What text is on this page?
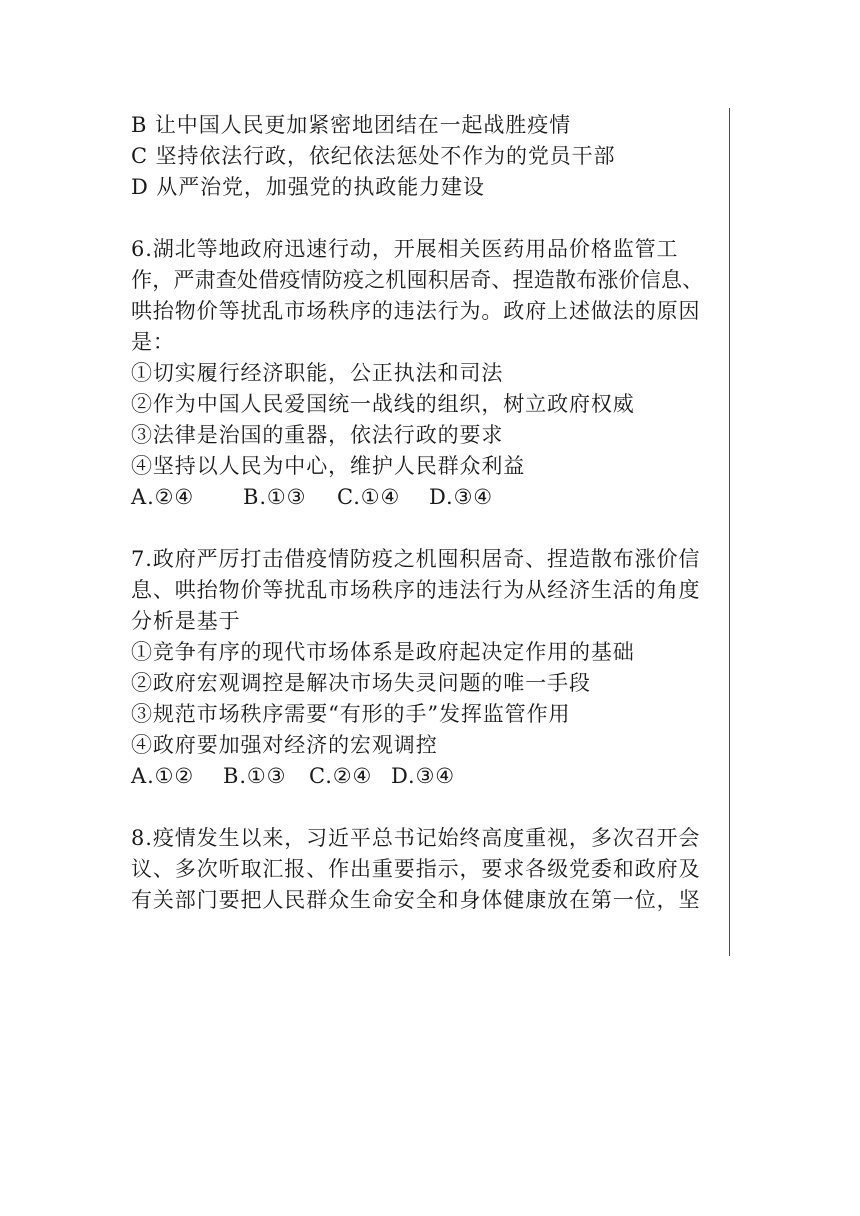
B 让中国人民更加紧密地团结在一起战胜疫情
C 坚持依法行政，依纪依法惩处不作为的党员干部
D 从严治党，加强党的执政能力建设
6.湖北等地政府迅速行动，开展相关医药用品价格监管工
作，严肃查处借疫情防疫之机囤积居奇、捏造散布涨价信息、
哄抬物价等扰乱市场秩序的违法行为。政府上述做法的原因
是：
①切实履行经济职能，公正执法和司法
②作为中国人民爱国统一战线的组织，树立政府权威
③法律是治国的重器，依法行政的要求
④坚持以人民为中心，维护人民群众利益
A.②④ B.①③ C.①④ D.③④
7.政府严厉打击借疫情防疫之机囤积居奇、捏造散布涨价信
息、哄抬物价等扰乱市场秩序的违法行为从经济生活的角度
分析是基于
①竞争有序的现代市场体系是政府起决定作用的基础
②政府宏观调控是解决市场失灵问题的唯一手段
③规范市场秩序需要“有形的手”发挥监管作用
④政府要加强对经济的宏观调控
A.①② B.①③ C.②④ D.③④
8.疫情发生以来，习近平总书记始终高度重视，多次召开会
议、多次听取汇报、作出重要指示，要求各级党委和政府及
有关部门要把人民群众生命安全和身体健康放在第一位，坚
